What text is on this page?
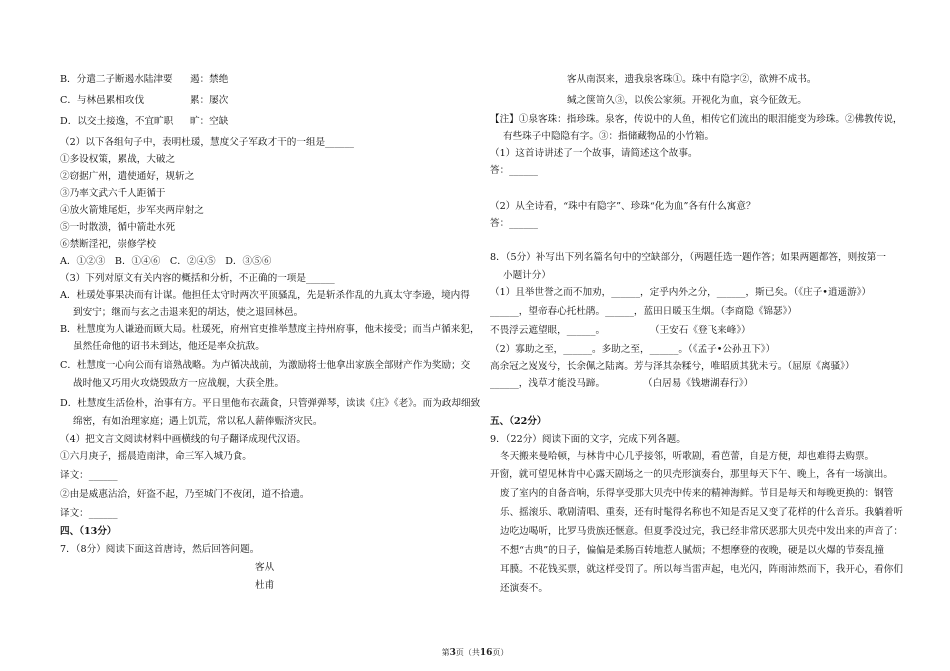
B．分遣二子断遏水陆津要 遏：禁绝
C．与林邑累相攻伐	累：屡次
D．以交土接逸，不宜旷职 旷：空缺
（2）以下各组句子中，表明杜瑗，慧度父子军政才干的一组是______
①多设权策，累战，大破之
②窃据广州，遣使通好，规斩之
③乃率文武六千人距循于
④放火箭雉尾炬，步军夹两岸射之
⑤一时散溃，循中箭赴水死
⑥禁断淫祀，崇修学校
A．①②③　B．①④⑥　C．②④⑤　D．③⑤⑥
（3）下列对原文有关内容的概括和分析，不正确的一项是______
A．杜瑗处事果决而有计谋。他担任太守时两次平顶骚乱，先是斩杀作乱的九真太守李逊，境内得
到安宁；继而与玄之击退来犯的胡达，使之退回林邑。
B．杜慧度为人谦逊而顾大局。杜瑗死，府州官吏推举慧度主持州府事，他未接受；而当卢循来犯，
虽然任命他的诏书未到达，他还是率众抗敌。
C．杜慧度一心向公而有谙熟战略。为卢循决战前，为激励将士他拿出家族全部财产作为奖励；交
战时他又巧用火攻烧毁敌方一应战舰，大获全胜。
D．杜慧度生活俭朴，治事有方。平日里他布衣蔬食，只管弹弹琴，读读《庄》《老》。而为政却细致
绵密，有如治理家庭；遇上饥荒，常以私人薪俸赈济灾民。
（4）把文言文阅读材料中画横线的句子翻译成现代汉语。
①六月庚子，摇晨造南津，命三军入城乃食。
译文：______
②由是威惠沾洽，奸盗不起，乃至城门不夜闭，道不拾遗。
译文：______
四、（13分）
7．（8分）阅读下面这首唐诗，然后回答问题。
客从
杜甫
客从南溟来，遗我泉客珠①。珠中有隐字②，欲辨不成书。
缄之箧笥久③，以俟公家须。开视化为血，哀今征敛无。
【注】①泉客珠：指珍珠。泉客，传说中的人鱼，相传它们流出的眼泪能变为珍珠。②佛教传说，
有些珠子中隐隐有字。③：指储藏物品的小竹箱。
（1）这首诗讲述了一个故事，请简述这个故事。
答：______
（2）从全诗看，“珠中有隐字”、珍珠“化为血”各有什么寓意？
答：______
8．（5分）补写出下列名篇名句中的空缺部分，（两题任选一题作答；如果两题都答，则按第一
小题计分）
（1）且举世誉之而不加劝，______，定乎内外之分，______，斯已矣。（《庄子•逍遥游》）
______，望帝春心托杜鹃。______，蓝田日暖玉生烟。（李商隐《锦瑟》）
不畏浮云遮望眼，______。	（王安石《登飞来峰》）
（2）寡助之至，______。多助之至，______。（《孟子•公孙丑下》）
高余冠之岌岌兮，长余佩之陆离。芳与泽其杂糅兮，唯昭质其犹未亏。（屈原《离骚》）
______，浅草才能没马蹄。	（白居易《钱塘湖春行》）
五、（22分）
9．（22分）阅读下面的文字，完成下列各题。
冬天搬来曼哈顿，与林肯中心几乎接邻，听歌剧，看芭蕾，自是方便，却也难得去购票。
开窗，就可望见林肯中心露天剧场之一的贝壳形演奏台，那里每天下午、晚上，各有一场演出。
废了室内的自备音响，乐得享受那大贝壳中传来的精神海鲜。节目是每天和每晚更换的：钢管
乐、摇滚乐、歌剧清唱、重奏，还有时髦得名称也不知是否足又变了花样的什么音乐。我躺着听
边吃边喝听，比罗马贵族还惬意。但夏季没过完，我已经非常厌恶那大贝壳中发出来的声音了：
不想“古典”的日子，偏偏是柔肠百转地惹人腻烦；不想摩登的夜晚，硬是以火爆的节奏乱撞
耳膜。不花钱买票，就这样受罚了。所以每当雷声起，电光闪，阵雨沛然而下，我开心，看你们
还演奏不。
第3页（共16页）
